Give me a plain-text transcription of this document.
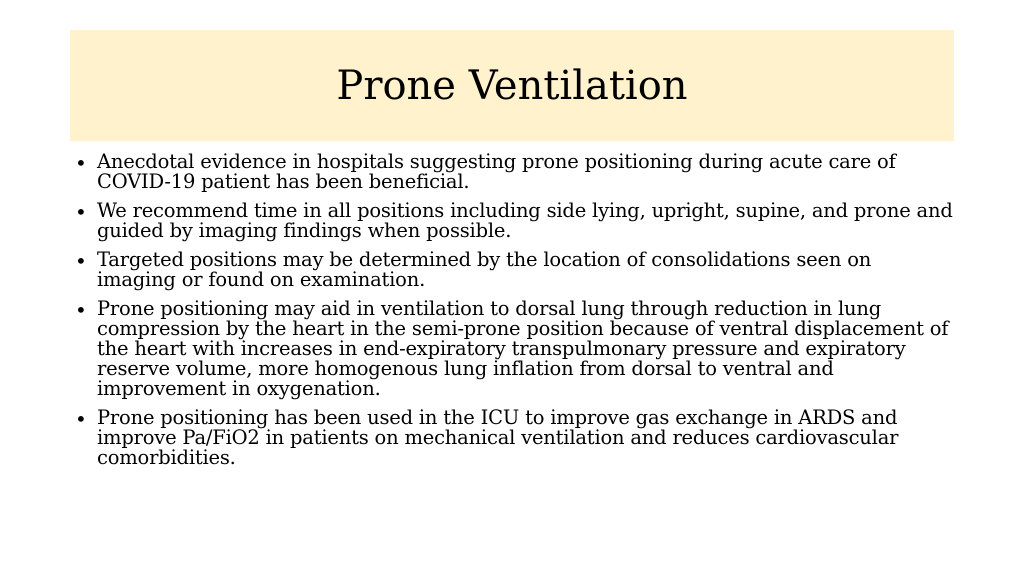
Prone Ventilation
• Anecdotal evidence in hospitals suggesting prone positioning during acute care of COVID-19 patient has been beneficial.
• We recommend time in all positions including side lying, upright, supine, and prone and guided by imaging findings when possible.
• Targeted positions may be determined by the location of consolidations seen on imaging or found on examination.
• Prone positioning may aid in ventilation to dorsal lung through reduction in lung compression by the heart in the semi-prone position because of ventral displacement of the heart with increases in end-expiratory transpulmonary pressure and expiratory reserve volume, more homogenous lung inflation from dorsal to ventral and improvement in oxygenation.
• Prone positioning has been used in the ICU to improve gas exchange in ARDS and improve Pa/FiO2 in patients on mechanical ventilation and reduces cardiovascular comorbidities.
